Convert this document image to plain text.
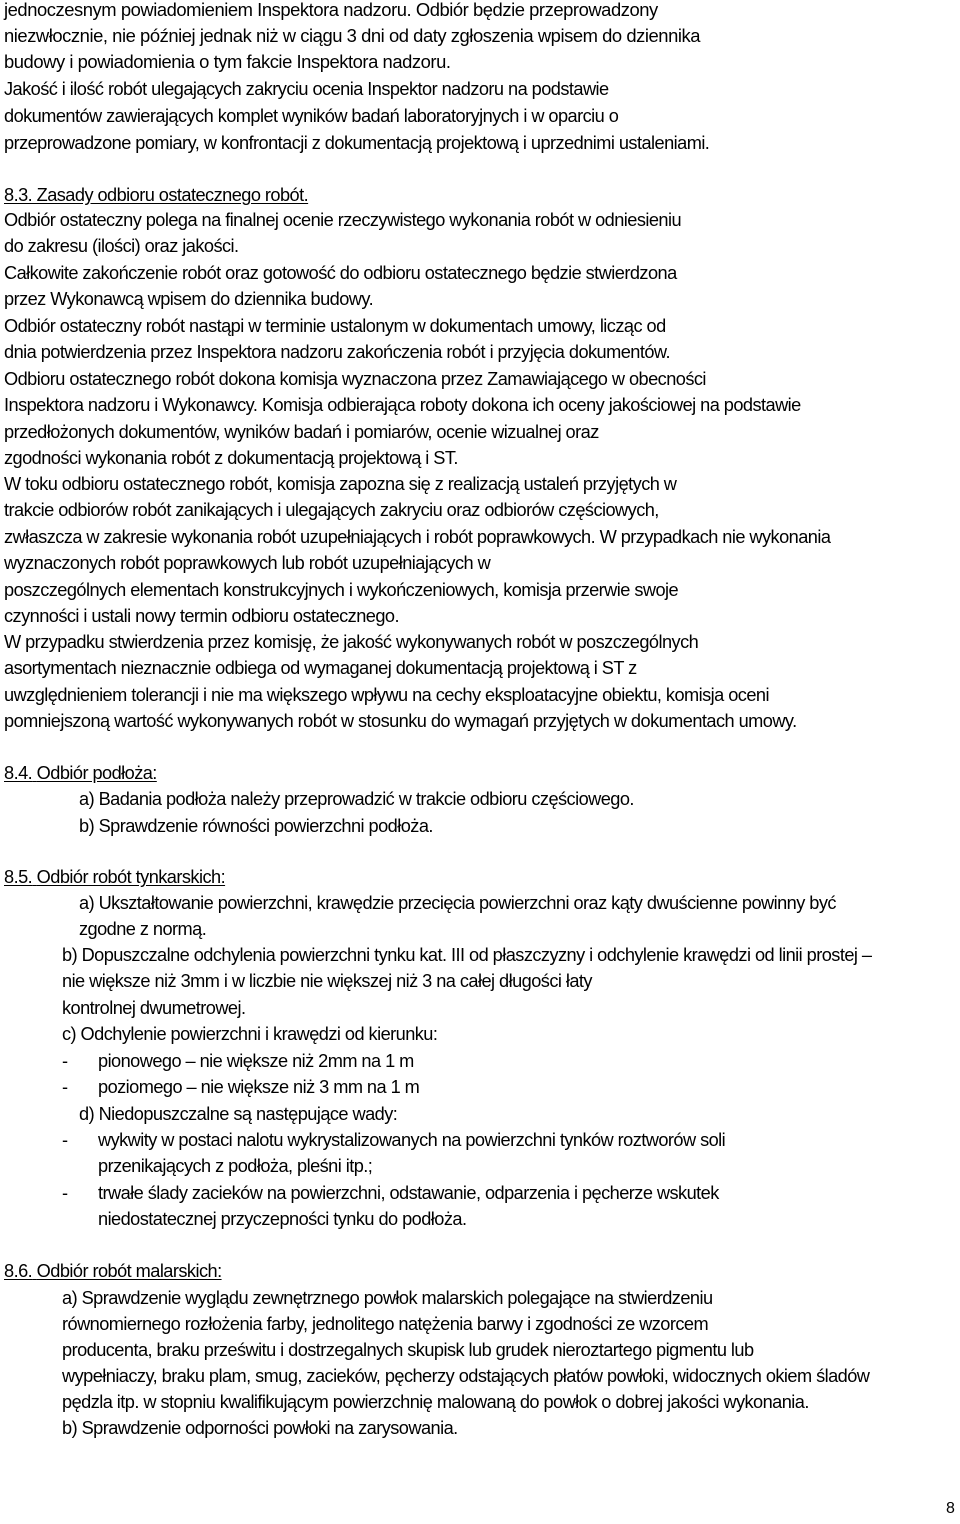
jednoczesnym powiadomieniem Inspektora nadzoru. Odbiór będzie przeprowadzony
niezwłocznie, nie później jednak niż w ciągu 3 dni od daty zgłoszenia wpisem do dziennika
budowy i powiadomienia o tym fakcie Inspektora nadzoru.
Jakość i ilość robót ulegających zakryciu ocenia Inspektor nadzoru na podstawie
dokumentów zawierających komplet wyników badań laboratoryjnych i w oparciu o
przeprowadzone pomiary, w konfrontacji z dokumentacją projektową i uprzednimi ustaleniami.
8.3. Zasady odbioru ostatecznego robót.
Odbiór ostateczny polega na finalnej ocenie rzeczywistego wykonania robót w odniesieniu
do zakresu (ilości) oraz jakości.
Całkowite zakończenie robót oraz gotowość do odbioru ostatecznego będzie stwierdzona
przez Wykonawcą wpisem do dziennika budowy.
Odbiór ostateczny robót nastąpi w terminie ustalonym w dokumentach umowy, licząc od
dnia potwierdzenia przez Inspektora nadzoru zakończenia robót i przyjęcia dokumentów.
Odbioru ostatecznego robót dokona komisja wyznaczona przez Zamawiającego w obecności
Inspektora nadzoru i Wykonawcy. Komisja odbierająca roboty dokona ich oceny jakościowej na podstawie
przedłożonych dokumentów, wyników badań i pomiarów, ocenie wizualnej oraz
zgodności wykonania robót z dokumentacją projektową i ST.
W toku odbioru ostatecznego robót, komisja zapozna się z realizacją ustaleń przyjętych w
trakcie odbiorów robót zanikających i ulegających zakryciu oraz odbiorów częściowych,
zwłaszcza w zakresie wykonania robót uzupełniających i robót poprawkowych. W przypadkach nie wykonania
wyznaczonych robót poprawkowych lub robót uzupełniających w
poszczególnych elementach konstrukcyjnych i wykończeniowych, komisja przerwie swoje
czynności i ustali nowy termin odbioru ostatecznego.
W przypadku stwierdzenia przez komisję, że jakość wykonywanych robót w poszczególnych
asortymentach nieznacznie odbiega od wymaganej dokumentacją projektową i ST z
uwzględnieniem tolerancji i nie ma większego wpływu na cechy eksploatacyjne obiektu, komisja oceni
pomniejszoną wartość wykonywanych robót w stosunku do wymagań przyjętych w dokumentach umowy.
8.4. Odbiór podłoża:
a) Badania podłoża należy przeprowadzić w trakcie odbioru częściowego.
b) Sprawdzenie równości powierzchni podłoża.
8.5. Odbiór robót tynkarskich:
a) Ukształtowanie powierzchni, krawędzie przecięcia powierzchni oraz kąty dwuścienne powinny być
zgodne z normą.
b) Dopuszczalne odchylenia powierzchni tynku kat. III od płaszczyzny i odchylenie krawędzi od linii prostej –
nie większe niż 3mm i w liczbie nie większej niż 3 na całej długości łaty
kontrolnej dwumetrowej.
c) Odchylenie powierzchni i krawędzi od kierunku:
- pionowego – nie większe niż 2mm na 1 m
- poziomego – nie większe niż 3 mm na 1 m
d) Niedopuszczalne są następujące wady:
- wykwity w postaci nalotu wykrystalizowanych na powierzchni tynków roztworów soli
przenikających z podłoża, pleśni itp.;
- trwałe ślady zacieków na powierzchni, odstawanie, odparzenia i pęcherze wskutek
niedostatecznej przyczepności tynku do podłoża.
8.6. Odbiór robót malarskich:
a) Sprawdzenie wyglądu zewnętrznego powłok malarskich polegające na stwierdzeniu
równomiernego rozłożenia farby, jednolitego natężenia barwy i zgodności ze wzorcem
producenta, braku prześwitu i dostrzegalnych skupisk lub grudek nieroztartego pigmentu lub
wypełniaczy, braku plam, smug, zacieków, pęcherzy odstających płatów powłoki, widocznych okiem śladów
pędzla itp. w stopniu kwalifikującym powierzchnię malowaną do powłok o dobrej jakości wykonania.
b) Sprawdzenie odporności powłoki na zarysowania.
8
